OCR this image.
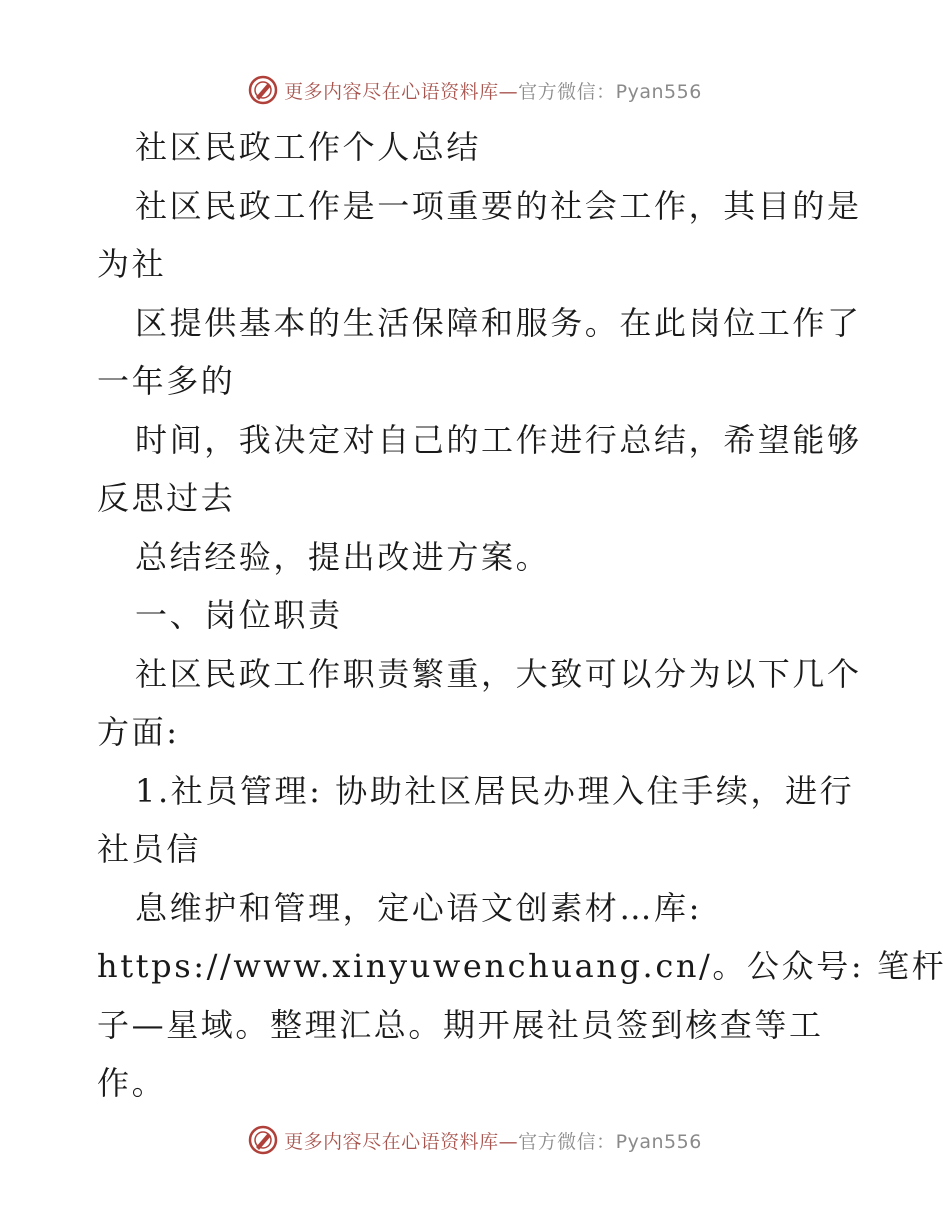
更多内容尽在心语资料库—官方微信：Pyan556
社区民政工作个人总结
社区民政工作是一项重要的社会工作，其目的是
为社
区提供基本的生活保障和服务。在此岗位工作了
一年多的
时间，我决定对自己的工作进行总结，希望能够
反思过去
总结经验，提出改进方案。
一、岗位职责
社区民政工作职责繁重，大致可以分为以下几个
方面:
1.社员管理: 协助社区居民办理入住手续，进行
社员信
息维护和管理，定心语文创素材…库:
https://www.xinyuwenchuang.cn/。公众号: 笔杆
子—星域。整理汇总。期开展社员签到核查等工
作。
更多内容尽在心语资料库—官方微信：Pyan556
